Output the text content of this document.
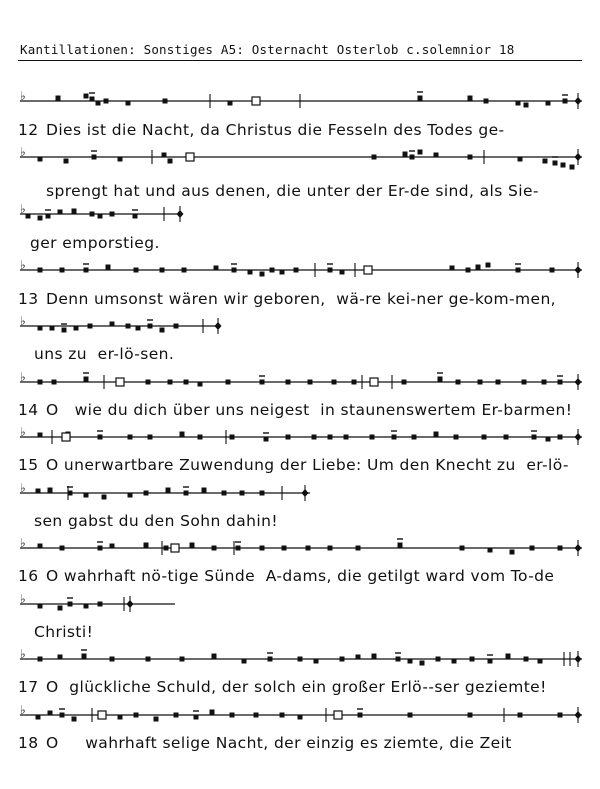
Kantillationen: Sonstiges A5: Osternacht Osterlob c.solemnior 18
♭
♭
♭
♭
♭
♭
♭
♭
♭
♭
♭
♭
12 Dies ist die Nacht, da Christus die Fesseln des Todes ge-
sprengt hat und aus denen, die unter der Er-de sind, als Sie-
ger emporstieg.
13 Denn umsonst wären wir geboren,  wä-re kei-ner ge-kom-men,
uns zu  er-lö-sen.
14 O   wie du dich über uns neigest  in staunenswertem Er-barmen!
15 O unerwartbare Zuwendung der Liebe: Um den Knecht zu  er-lö-
sen gabst du den Sohn dahin!
16 O wahrhaft nö-tige Sünde  A-dams, die getilgt ward vom To-de
Christi!
17 O  glückliche Schuld, der solch ein großer Erlö--ser geziemte!
18 O     wahrhaft selige Nacht, der einzig es ziemte, die Zeit
